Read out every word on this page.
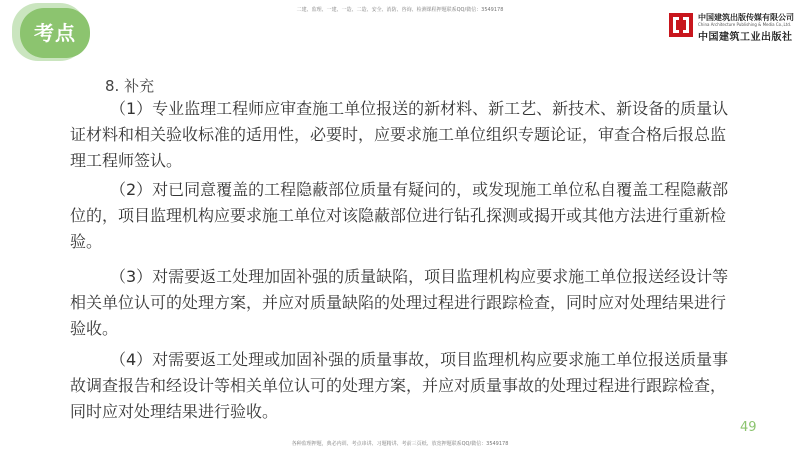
考点
二建、监理、一建、一造、二造、安全、消防、咨询、检测课程押题联系QQ/微信：3549178
中国建筑出版传媒有限公司
China Architecture Publishing & Media Co.,Ltd.
中国建筑工业出版社
8. 补充
（1）专业监理工程师应审查施工单位报送的新材料、新工艺、新技术、新设备的质量认证材料和相关验收标准的适用性，必要时，应要求施工单位组织专题论证，审查合格后报总监理工程师签认。
（2）对已同意覆盖的工程隐蔽部位质量有疑问的，或发现施工单位私自覆盖工程隐蔽部位的，项目监理机构应要求施工单位对该隐蔽部位进行钻孔探测或揭开或其他方法进行重新检验。
（3）对需要返工处理加固补强的质量缺陷，项目监理机构应要求施工单位报送经设计等相关单位认可的处理方案，并应对质量缺陷的处理过程进行跟踪检查，同时应对处理结果进行验收。
（4）对需要返工处理或加固补强的质量事故，项目监理机构应要求施工单位报送质量事故调查报告和经设计等相关单位认可的处理方案，并应对质量事故的处理过程进行跟踪检查，同时应对处理结果进行验收。
49
各种监理押题，典必内训、考点串讲、习题精讲、考前三页纸、放宽押题联系QQ/微信：3549178
